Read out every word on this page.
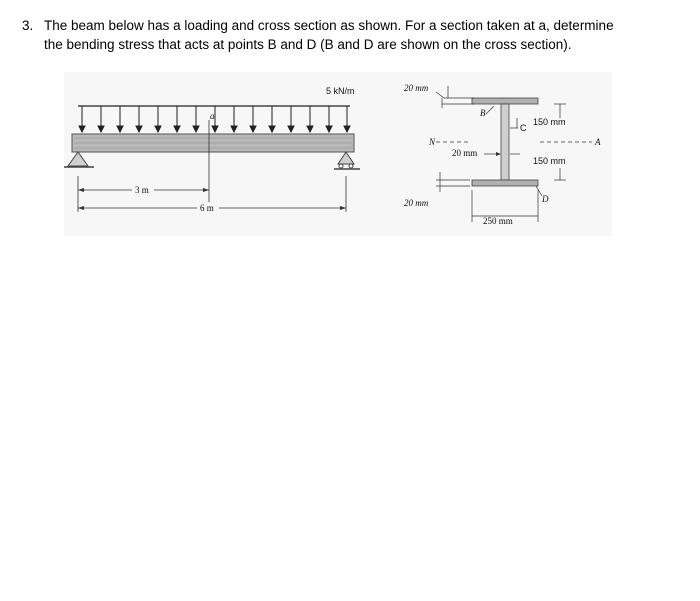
3. The beam below has a loading and cross section as shown. For a section taken at a, determine
the bending stress that acts at points B and D (B and D are shown on the cross section).
5 kN/m
a
3 m
6 m
20 mm
B
C
150 mm
N	A
20 mm
150 mm
D
20 mm
250 mm
